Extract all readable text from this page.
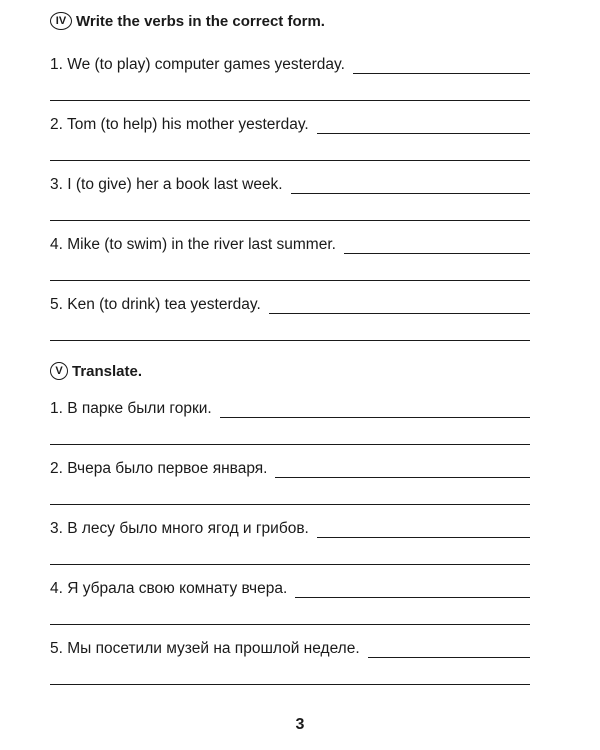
IV Write the verbs in the correct form.
1. We (to play) computer games yesterday.
2. Tom (to help) his mother yesterday.
3. I (to give) her a book last week.
4. Mike (to swim) in the river last summer.
5. Ken (to drink) tea yesterday.
V Translate.
1. В парке были горки.
2. Вчера было первое января.
3. В лесу было много ягод и грибов.
4. Я убрала свою комнату вчера.
5. Мы посетили музей на прошлой неделе.
3
